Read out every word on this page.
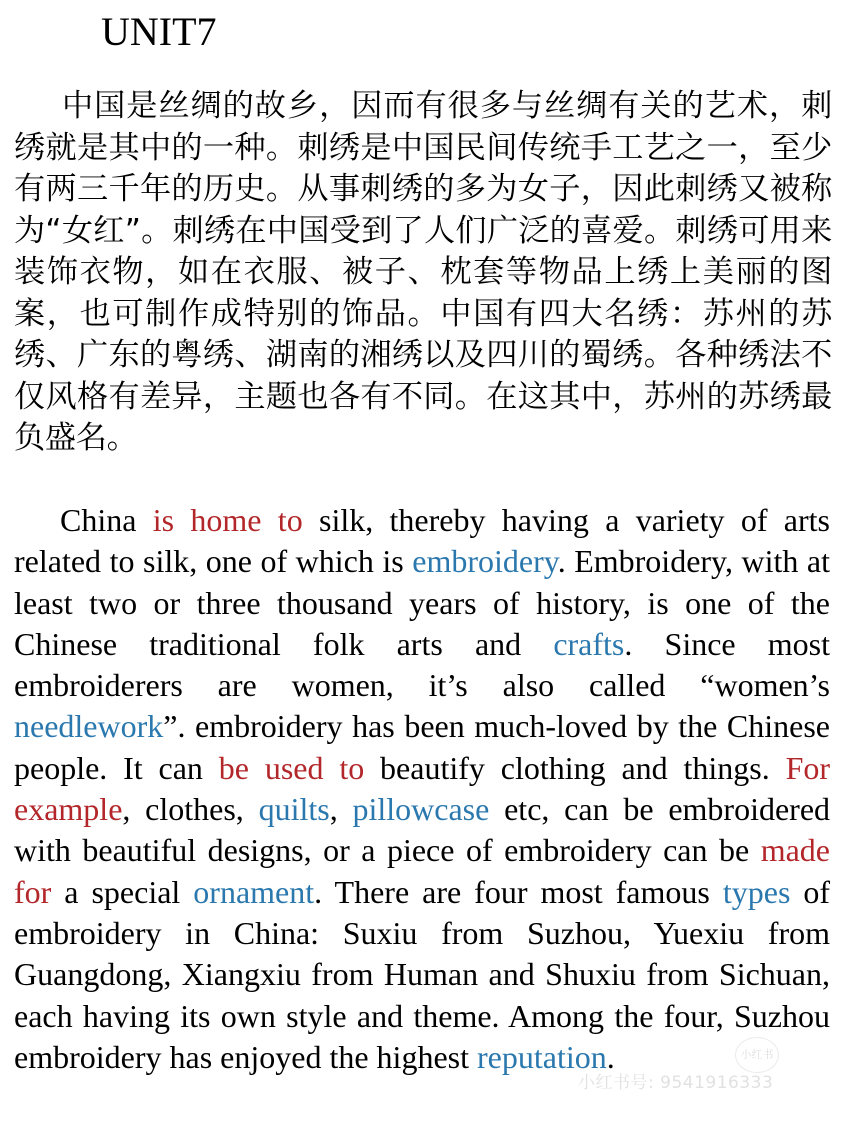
UNIT7

中国是丝绸的故乡，因而有很多与丝绸有关的艺术，刺绣就是其中的一种。刺绣是中国民间传统手工艺之一，至少有两三千年的历史。从事刺绣的多为女子，因此刺绣又被称为“女红”。刺绣在中国受到了人们广泛的喜爱。刺绣可用来装饰衣物，如在衣服、被子、枕套等物品上绣上美丽的图案，也可制作成特别的饰品。中国有四大名绣：苏州的苏绣、广东的粤绣、湖南的湘绣以及四川的蜀绣。各种绣法不仅风格有差异，主题也各有不同。在这其中，苏州的苏绣最负盛名。

China is home to silk, thereby having a variety of arts related to silk, one of which is embroidery. Embroidery, with at least two or three thousand years of history, is one of the Chinese traditional folk arts and crafts. Since most embroiderers are women, it’s also called “women’s needlework”. embroidery has been much-loved by the Chinese people. It can be used to beautify clothing and things. For example, clothes, quilts, pillowcase etc, can be embroidered with beautiful designs, or a piece of embroidery can be made for a special ornament. There are four most famous types of embroidery in China: Suxiu from Suzhou, Yuexiu from Guangdong, Xiangxiu from Human and Shuxiu from Sichuan, each having its own style and theme. Among the four, Suzhou embroidery has enjoyed the highest reputation.	小红书
小红书号: 9541916333
